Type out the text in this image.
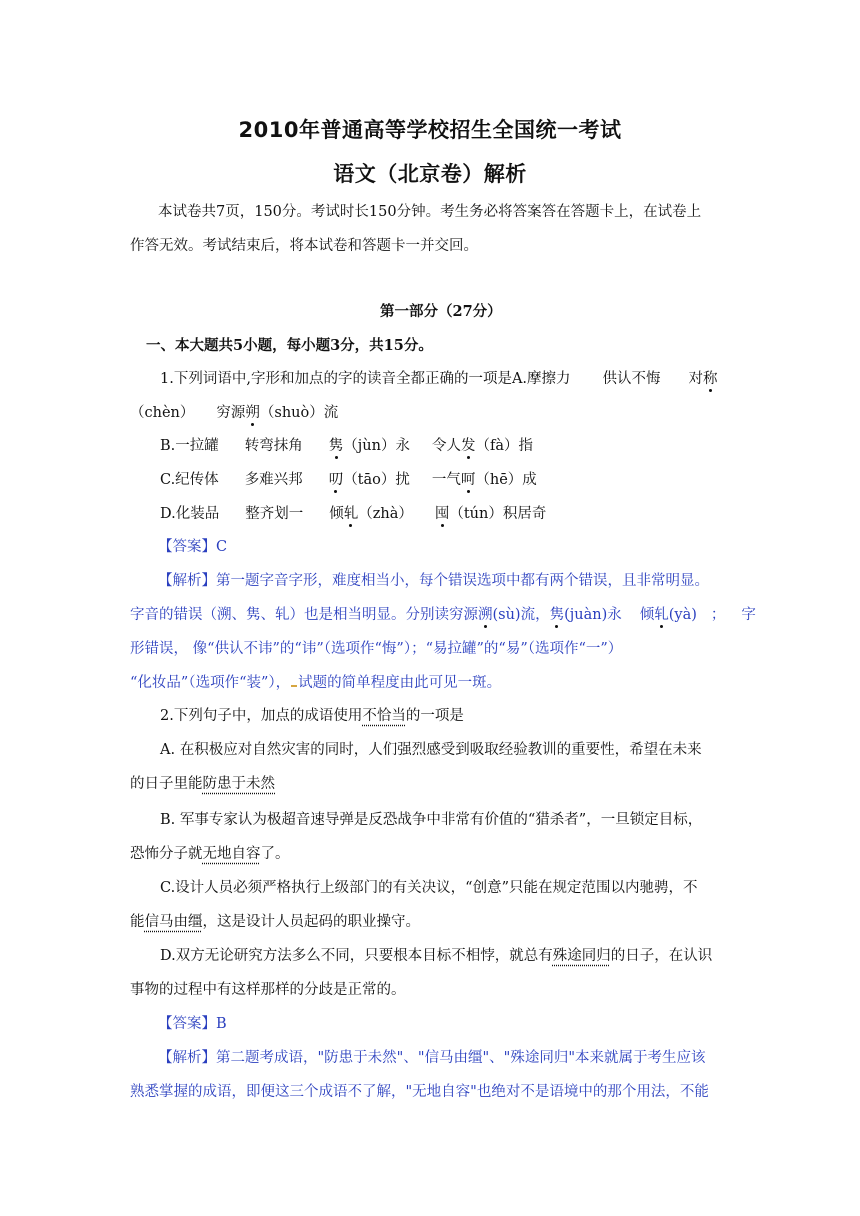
2010年普通高等学校招生全国统一考试
语文（北京卷）解析
本试卷共7页，150分。考试时长150分钟。考生务必将答案答在答题卡上，在试卷上
作答无效。考试结束后，将本试卷和答题卡一并交回。
第一部分（27分）
一、本大题共5小题，每小题3分，共15分。
1.下列词语中,字形和加点的字的读音全都正确的一项是A.摩擦力 供认不悔 对称
（chèn） 穷源朔（shuò）流
B.一拉罐 转弯抹角 隽（jùn）永 令人发（fà）指
C.纪传体 多难兴邦 叨（tāo）扰 一气呵（hē）成
D.化装品 整齐划一 倾轧（zhà） 囤（tún）积居奇
【答案】C
【解析】第一题字音字形，难度相当小，每个错误选项中都有两个错误，且非常明显。
字音的错误（溯、隽、轧）也是相当明显。分别读穷源溯(sù)流，隽(juàn)永 倾轧(yà) ； 字
形错误， 像“供认不讳”的“讳”（选项作“悔”）；“易拉罐”的“易”（选项作“一”）
“化妆品”（选项作“装”）， 试题的简单程度由此可见一斑。
2.下列句子中，加点的成语使用不恰当的一项是
A. 在积极应对自然灾害的同时，人们强烈感受到吸取经验教训的重要性，希望在未来
的日子里能防患于未然
B. 军事专家认为极超音速导弹是反恐战争中非常有价值的“猎杀者”，一旦锁定目标，
恐怖分子就无地自容了。
C.设计人员必须严格执行上级部门的有关决议，“创意”只能在规定范围以内驰骋，不
能信马由缰，这是设计人员起码的职业操守。
D.双方无论研究方法多么不同，只要根本目标不相悖，就总有殊途同归的日子，在认识
事物的过程中有这样那样的分歧是正常的。
【答案】B
【解析】第二题考成语，"防患于未然"、"信马由缰"、"殊途同归"本来就属于考生应该
熟悉掌握的成语，即便这三个成语不了解，"无地自容"也绝对不是语境中的那个用法，不能
